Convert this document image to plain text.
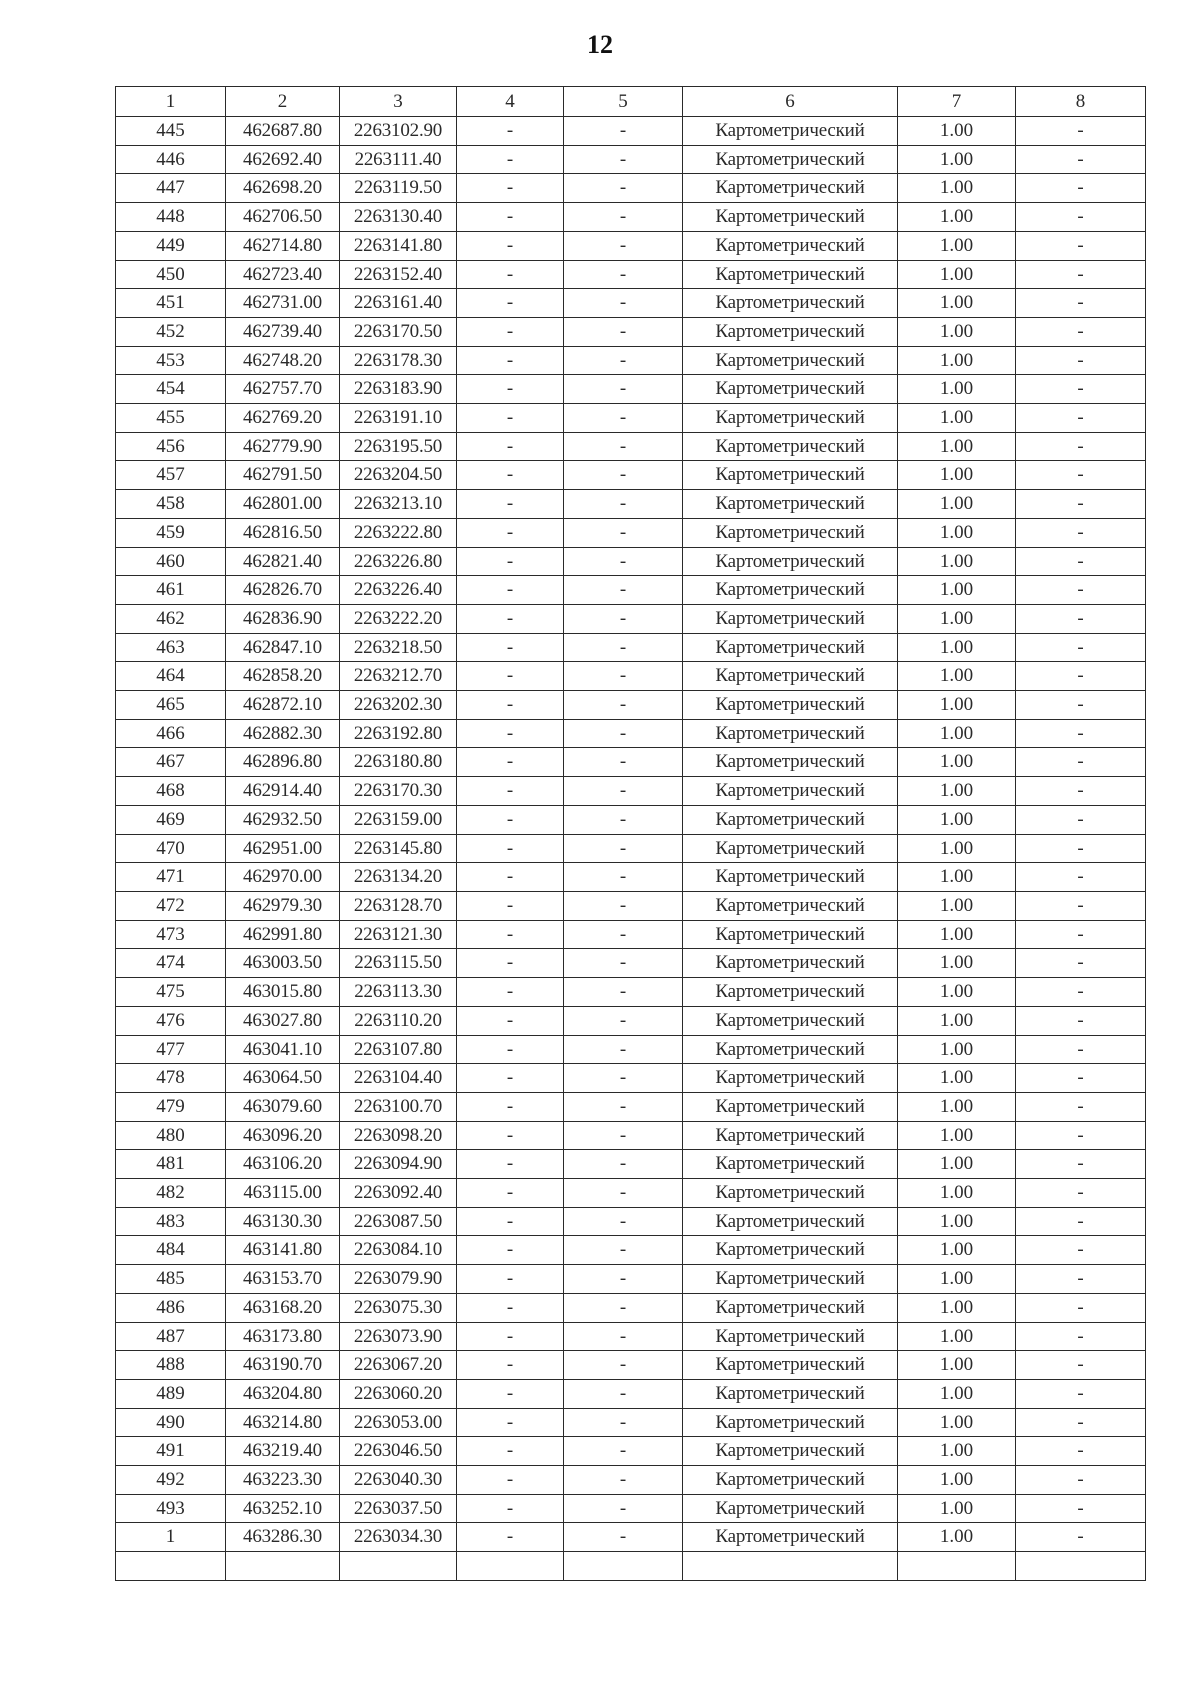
12
1	2	3	4	5	6	7	8
445	462687.80	2263102.90	-	-	Картометрический	1.00	-
446	462692.40	2263111.40	-	-	Картометрический	1.00	-
447	462698.20	2263119.50	-	-	Картометрический	1.00	-
448	462706.50	2263130.40	-	-	Картометрический	1.00	-
449	462714.80	2263141.80	-	-	Картометрический	1.00	-
450	462723.40	2263152.40	-	-	Картометрический	1.00	-
451	462731.00	2263161.40	-	-	Картометрический	1.00	-
452	462739.40	2263170.50	-	-	Картометрический	1.00	-
453	462748.20	2263178.30	-	-	Картометрический	1.00	-
454	462757.70	2263183.90	-	-	Картометрический	1.00	-
455	462769.20	2263191.10	-	-	Картометрический	1.00	-
456	462779.90	2263195.50	-	-	Картометрический	1.00	-
457	462791.50	2263204.50	-	-	Картометрический	1.00	-
458	462801.00	2263213.10	-	-	Картометрический	1.00	-
459	462816.50	2263222.80	-	-	Картометрический	1.00	-
460	462821.40	2263226.80	-	-	Картометрический	1.00	-
461	462826.70	2263226.40	-	-	Картометрический	1.00	-
462	462836.90	2263222.20	-	-	Картометрический	1.00	-
463	462847.10	2263218.50	-	-	Картометрический	1.00	-
464	462858.20	2263212.70	-	-	Картометрический	1.00	-
465	462872.10	2263202.30	-	-	Картометрический	1.00	-
466	462882.30	2263192.80	-	-	Картометрический	1.00	-
467	462896.80	2263180.80	-	-	Картометрический	1.00	-
468	462914.40	2263170.30	-	-	Картометрический	1.00	-
469	462932.50	2263159.00	-	-	Картометрический	1.00	-
470	462951.00	2263145.80	-	-	Картометрический	1.00	-
471	462970.00	2263134.20	-	-	Картометрический	1.00	-
472	462979.30	2263128.70	-	-	Картометрический	1.00	-
473	462991.80	2263121.30	-	-	Картометрический	1.00	-
474	463003.50	2263115.50	-	-	Картометрический	1.00	-
475	463015.80	2263113.30	-	-	Картометрический	1.00	-
476	463027.80	2263110.20	-	-	Картометрический	1.00	-
477	463041.10	2263107.80	-	-	Картометрический	1.00	-
478	463064.50	2263104.40	-	-	Картометрический	1.00	-
479	463079.60	2263100.70	-	-	Картометрический	1.00	-
480	463096.20	2263098.20	-	-	Картометрический	1.00	-
481	463106.20	2263094.90	-	-	Картометрический	1.00	-
482	463115.00	2263092.40	-	-	Картометрический	1.00	-
483	463130.30	2263087.50	-	-	Картометрический	1.00	-
484	463141.80	2263084.10	-	-	Картометрический	1.00	-
485	463153.70	2263079.90	-	-	Картометрический	1.00	-
486	463168.20	2263075.30	-	-	Картометрический	1.00	-
487	463173.80	2263073.90	-	-	Картометрический	1.00	-
488	463190.70	2263067.20	-	-	Картометрический	1.00	-
489	463204.80	2263060.20	-	-	Картометрический	1.00	-
490	463214.80	2263053.00	-	-	Картометрический	1.00	-
491	463219.40	2263046.50	-	-	Картометрический	1.00	-
492	463223.30	2263040.30	-	-	Картометрический	1.00	-
493	463252.10	2263037.50	-	-	Картометрический	1.00	-
1	463286.30	2263034.30	-	-	Картометрический	1.00	-
